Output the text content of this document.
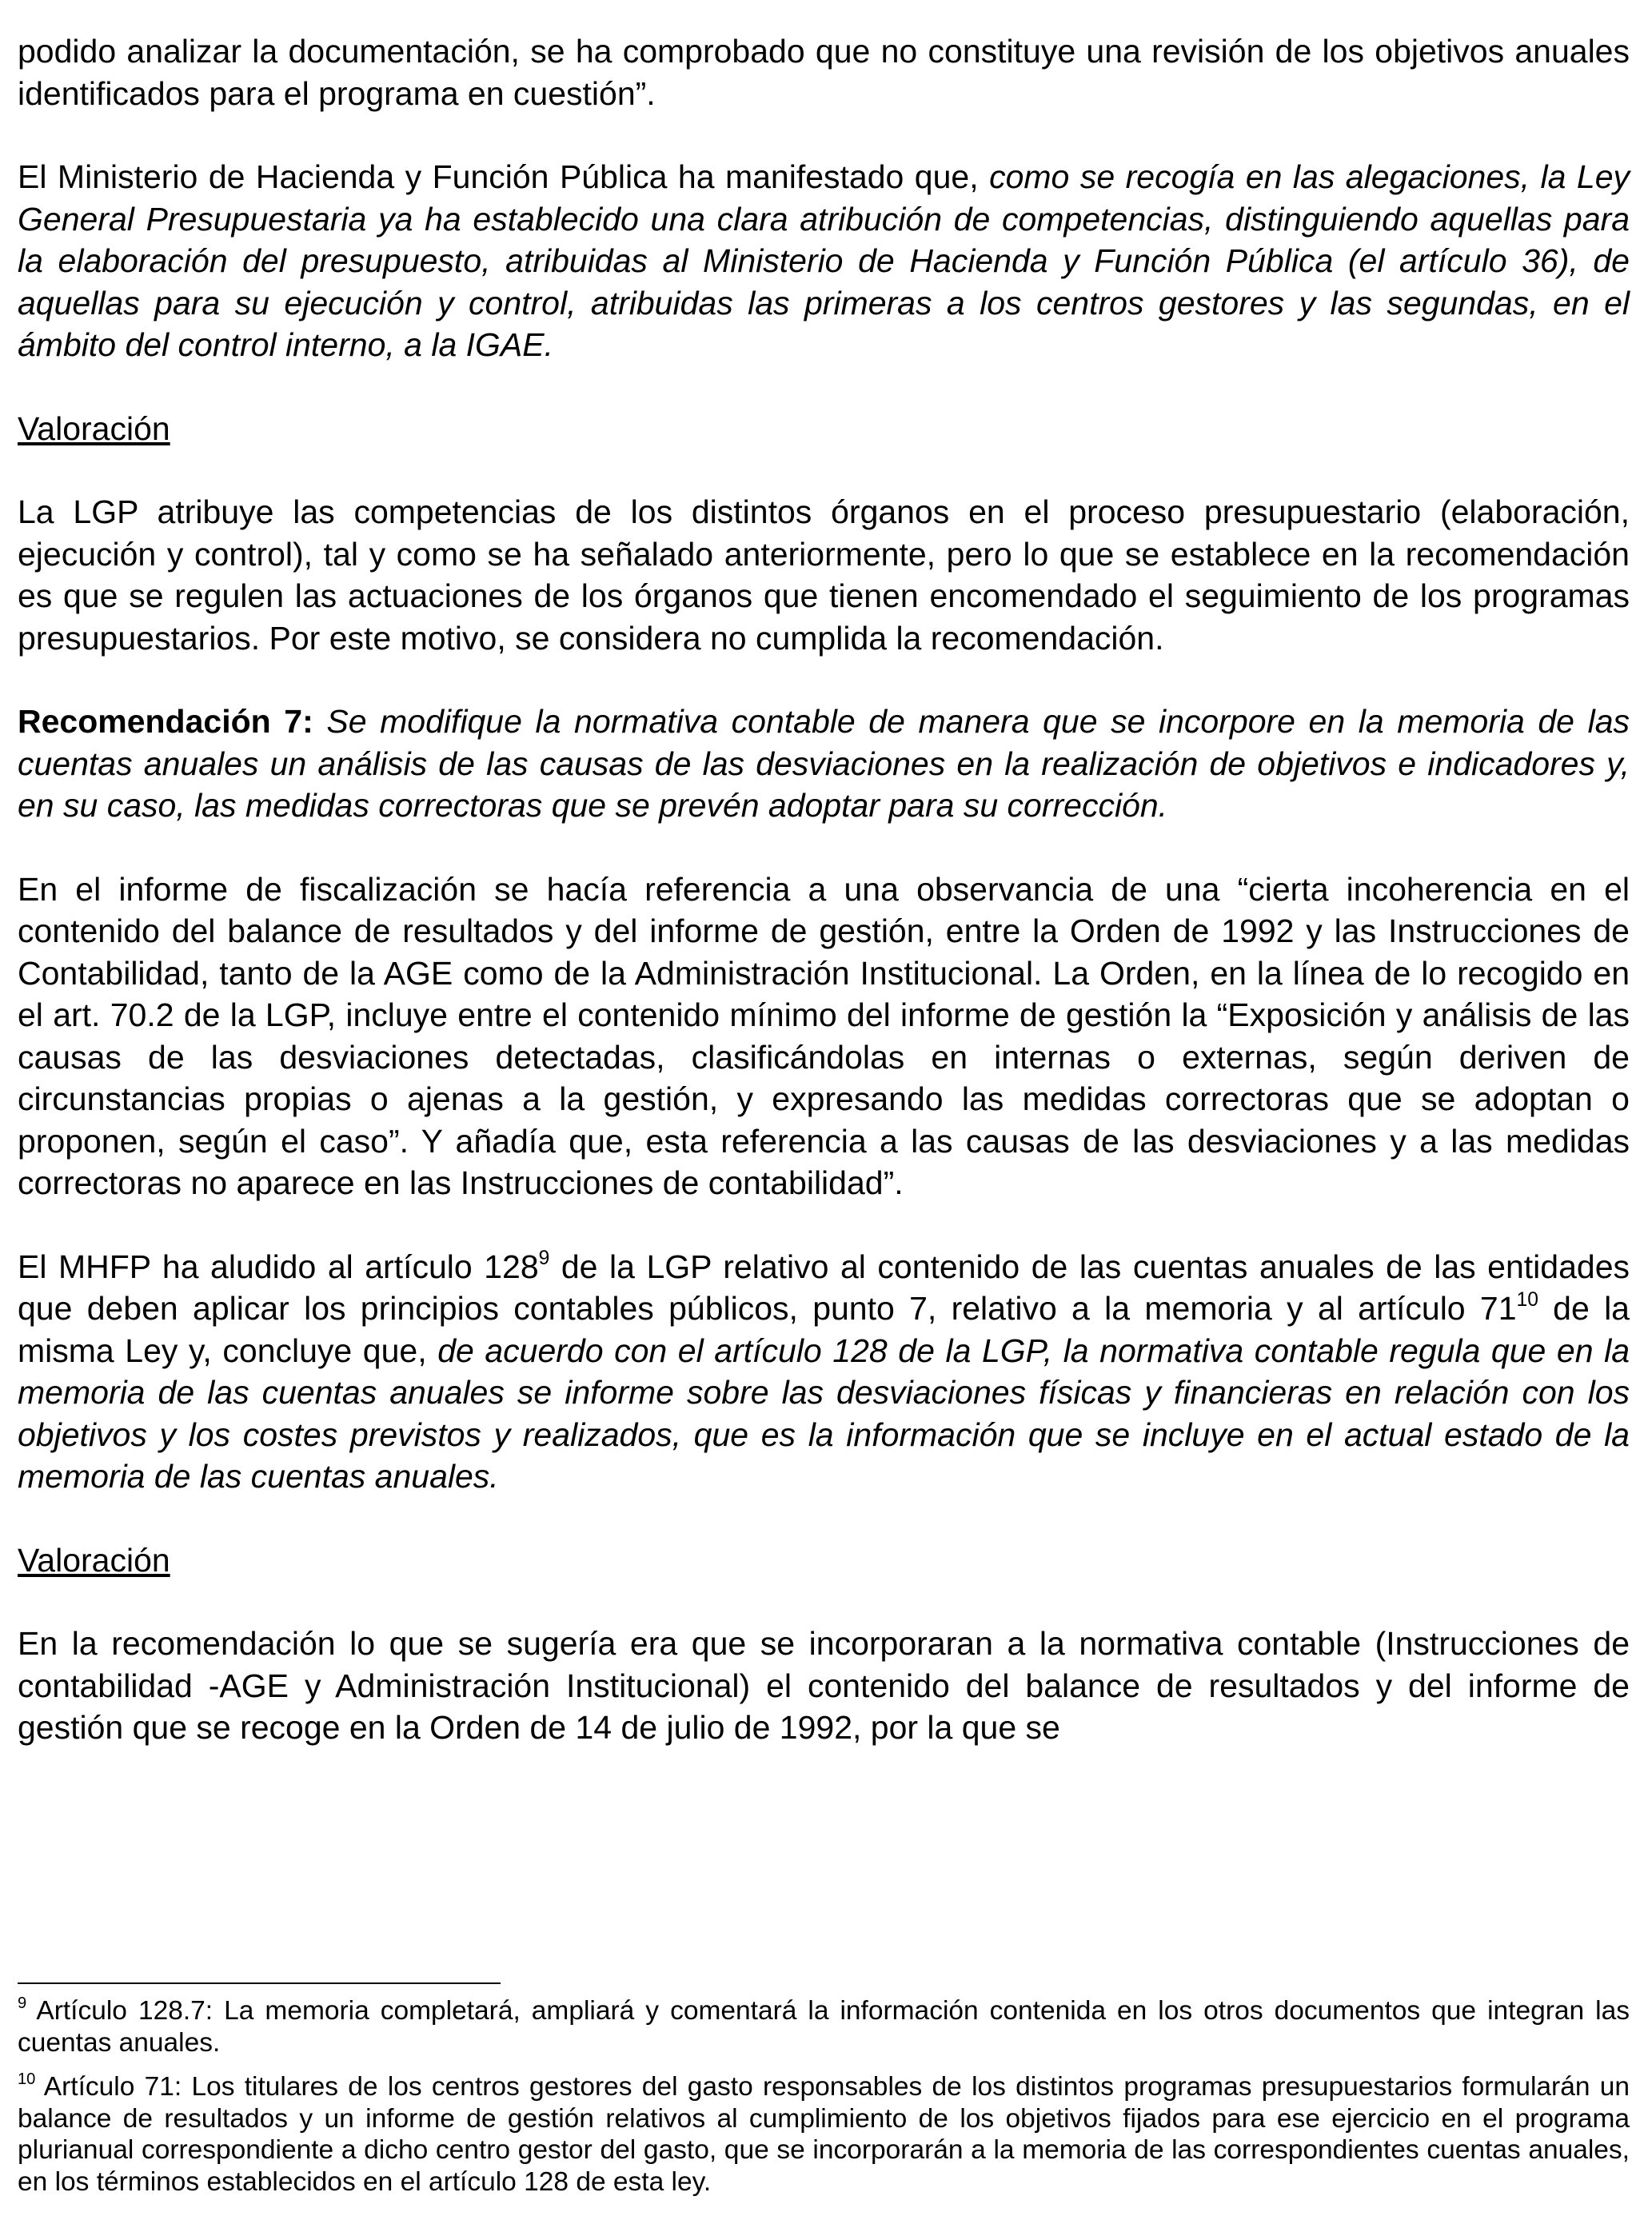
podido analizar la documentación, se ha comprobado que no constituye una revisión de los objetivos anuales identificados para el programa en cuestión”.

El Ministerio de Hacienda y Función Pública ha manifestado que, como se recogía en las alegaciones, la Ley General Presupuestaria ya ha establecido una clara atribución de competencias, distinguiendo aquellas para la elaboración del presupuesto, atribuidas al Ministerio de Hacienda y Función Pública (el artículo 36), de aquellas para su ejecución y control, atribuidas las primeras a los centros gestores y las segundas, en el ámbito del control interno, a la IGAE.

Valoración

La LGP atribuye las competencias de los distintos órganos en el proceso presupuestario (elaboración, ejecución y control), tal y como se ha señalado anteriormente, pero lo que se establece en la recomendación es que se regulen las actuaciones de los órganos que tienen encomendado el seguimiento de los programas presupuestarios. Por este motivo, se considera no cumplida la recomendación.

Recomendación 7: Se modifique la normativa contable de manera que se incorpore en la memoria de las cuentas anuales un análisis de las causas de las desviaciones en la realización de objetivos e indicadores y, en su caso, las medidas correctoras que se prevén adoptar para su corrección.

En el informe de fiscalización se hacía referencia a una observancia de una “cierta incoherencia en el contenido del balance de resultados y del informe de gestión, entre la Orden de 1992 y las Instrucciones de Contabilidad, tanto de la AGE como de la Administración Institucional. La Orden, en la línea de lo recogido en el art. 70.2 de la LGP, incluye entre el contenido mínimo del informe de gestión la “Exposición y análisis de las causas de las desviaciones detectadas, clasificándolas en internas o externas, según deriven de circunstancias propias o ajenas a la gestión, y expresando las medidas correctoras que se adoptan o proponen, según el caso”. Y añadía que, esta referencia a las causas de las desviaciones y a las medidas correctoras no aparece en las Instrucciones de contabilidad”.

El MHFP ha aludido al artículo $128^9$ de la LGP relativo al contenido de las cuentas anuales de las entidades que deben aplicar los principios contables públicos, punto 7, relativo a la memoria y al artículo $71^{10}$ de la misma Ley y, concluye que, de acuerdo con el artículo 128 de la LGP, la normativa contable regula que en la memoria de las cuentas anuales se informe sobre las desviaciones físicas y financieras en relación con los objetivos y los costes previstos y realizados, que es la información que se incluye en el actual estado de la memoria de las cuentas anuales.

Valoración

En la recomendación lo que se sugería era que se incorporaran a la normativa contable (Instrucciones de contabilidad -AGE y Administración Institucional) el contenido del balance de resultados y del informe de gestión que se recoge en la Orden de 14 de julio de 1992, por la que se

$^9$ Artículo 128.7: La memoria completará, ampliará y comentará la información contenida en los otros documentos que integran las cuentas anuales.

$^{10}$ Artículo 71: Los titulares de los centros gestores del gasto responsables de los distintos programas presupuestarios formularán un balance de resultados y un informe de gestión relativos al cumplimiento de los objetivos fijados para ese ejercicio en el programa plurianual correspondiente a dicho centro gestor del gasto, que se incorporarán a la memoria de las correspondientes cuentas anuales, en los términos establecidos en el artículo 128 de esta ley.
